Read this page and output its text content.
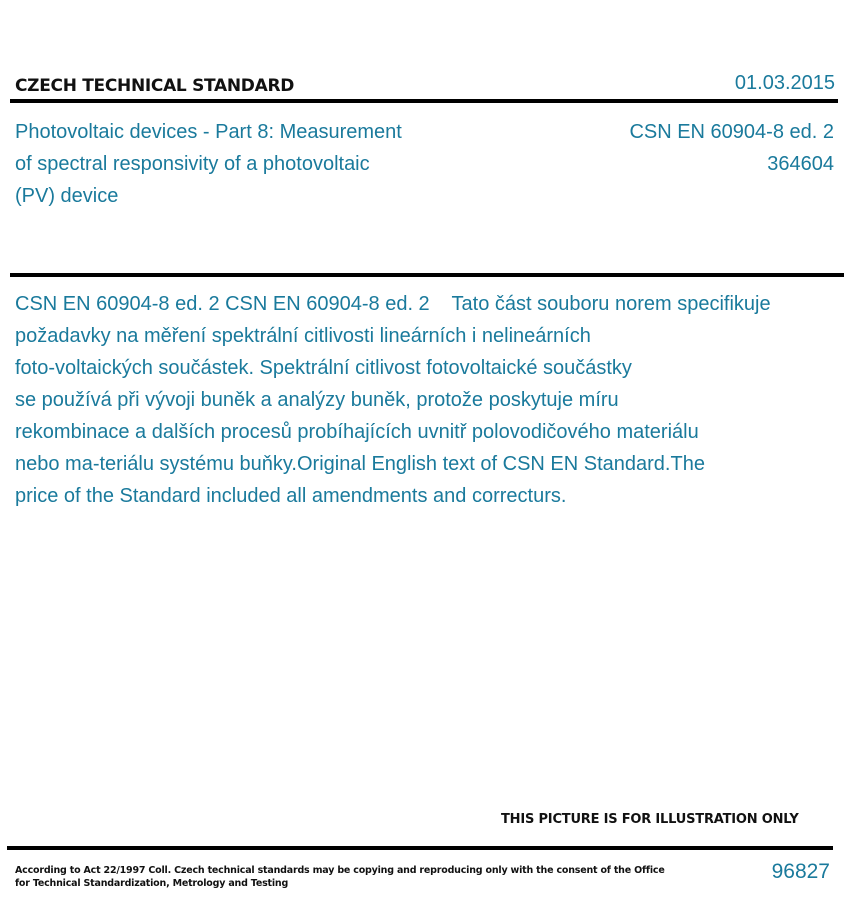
CZECH TECHNICAL STANDARD	01.03.2015
Photovoltaic devices - Part 8: Measurement
of spectral responsivity of a photovoltaic
(PV) device
CSN EN 60904-8 ed. 2
364604
CSN EN 60904-8 ed. 2 CSN EN 60904-8 ed. 2    Tato část souboru norem specifikuje
požadavky na měření spektrální citlivosti lineárních i nelineárních
foto-voltaických součástek. Spektrální citlivost fotovoltaické součástky
se používá při vývoji buněk a analýzy buněk, protože poskytuje míru
rekombinace a dalších procesů probíhajících uvnitř polovodičového materiálu
nebo ma-teriálu systému buňky.Original English text of CSN EN Standard.The
price of the Standard included all amendments and correcturs.
THIS PICTURE IS FOR ILLUSTRATION ONLY
According to Act 22/1997 Coll. Czech technical standards may be copying and reproducing only with the consent of the Office
for Technical Standardization, Metrology and Testing
96827
